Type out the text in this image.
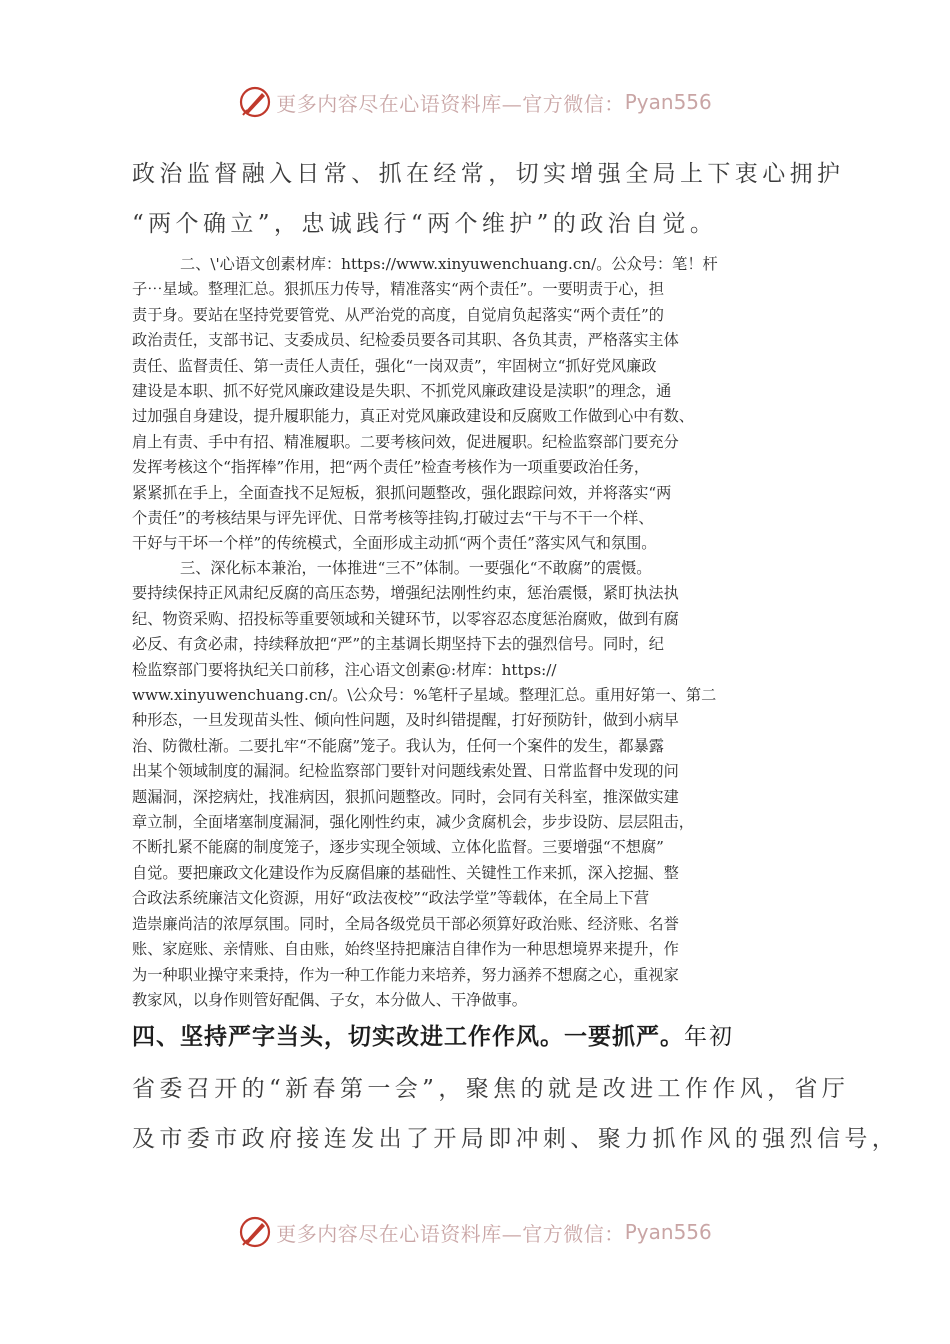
更多内容尽在心语资料库—官方微信： Pyan556

政治监督融入日常、抓在经常，切实增强全局上下衷心拥护

“两个确立”，忠诚践行“两个维护”的政治自觉。

二、\'心语文创素材库：https://www.xinyuwenchuang.cn/。公众号：笔！杆
子⋯星域。整理汇总。狠抓压力传导，精准落实“两个责任”。一要明责于心，担
责于身。要站在坚持党要管党、从严治党的高度，自觉肩负起落实“两个责任”的
政治责任，支部书记、支委成员、纪检委员要各司其职、各负其责，严格落实主体
责任、监督责任、第一责任人责任，强化“一岗双责”，牢固树立“抓好党风廉政
建设是本职、抓不好党风廉政建设是失职、不抓党风廉政建设是渎职”的理念，通
过加强自身建设，提升履职能力，真正对党风廉政建设和反腐败工作做到心中有数、
肩上有责、手中有招、精准履职。二要考核问效，促进履职。纪检监察部门要充分
发挥考核这个“指挥棒”作用，把“两个责任”检查考核作为一项重要政治任务，
紧紧抓在手上，全面查找不足短板，狠抓问题整改，强化跟踪问效，并将落实“两
个责任”的考核结果与评先评优、日常考核等挂钩,打破过去“干与不干一个样、
干好与干坏一个样”的传统模式，全面形成主动抓“两个责任”落实风气和氛围。
三、深化标本兼治，一体推进“三不”体制。一要强化“不敢腐”的震慑。
要持续保持正风肃纪反腐的高压态势，增强纪法刚性约束，惩治震慑，紧盯执法执
纪、物资采购、招投标等重要领域和关键环节，以零容忍态度惩治腐败，做到有腐
必反、有贪必肃，持续释放把“严”的主基调长期坚持下去的强烈信号。同时，纪
检监察部门要将执纪关口前移，注心语文创素@:材库：https://
www.xinyuwenchuang.cn/。\公众号：%笔杆子星域。整理汇总。重用好第一、第二
种形态，一旦发现苗头性、倾向性问题，及时纠错提醒，打好预防针，做到小病早
治、防微杜渐。二要扎牢“不能腐”笼子。我认为，任何一个案件的发生，都暴露
出某个领域制度的漏洞。纪检监察部门要针对问题线索处置、日常监督中发现的问
题漏洞，深挖病灶，找准病因，狠抓问题整改。同时，会同有关科室，推深做实建
章立制，全面堵塞制度漏洞，强化刚性约束，减少贪腐机会，步步设防、层层阻击，
不断扎紧不能腐的制度笼子，逐步实现全领域、立体化监督。三要增强“不想腐”
自觉。要把廉政文化建设作为反腐倡廉的基础性、关键性工作来抓，深入挖掘、整
合政法系统廉洁文化资源，用好“政法夜校”“政法学堂”等载体，在全局上下营
造崇廉尚洁的浓厚氛围。同时，全局各级党员干部必须算好政治账、经济账、名誉
账、家庭账、亲情账、自由账，始终坚持把廉洁自律作为一种思想境界来提升，作
为一种职业操守来秉持，作为一种工作能力来培养，努力涵养不想腐之心，重视家
教家风，以身作则管好配偶、子女，本分做人、干净做事。

四、坚持严字当头，切实改进工作作风。一要抓严。年初

省委召开的“新春第一会”，聚焦的就是改进工作作风，省厅

及市委市政府接连发出了开局即冲刺、聚力抓作风的强烈信号，

更多内容尽在心语资料库—官方微信： Pyan556
